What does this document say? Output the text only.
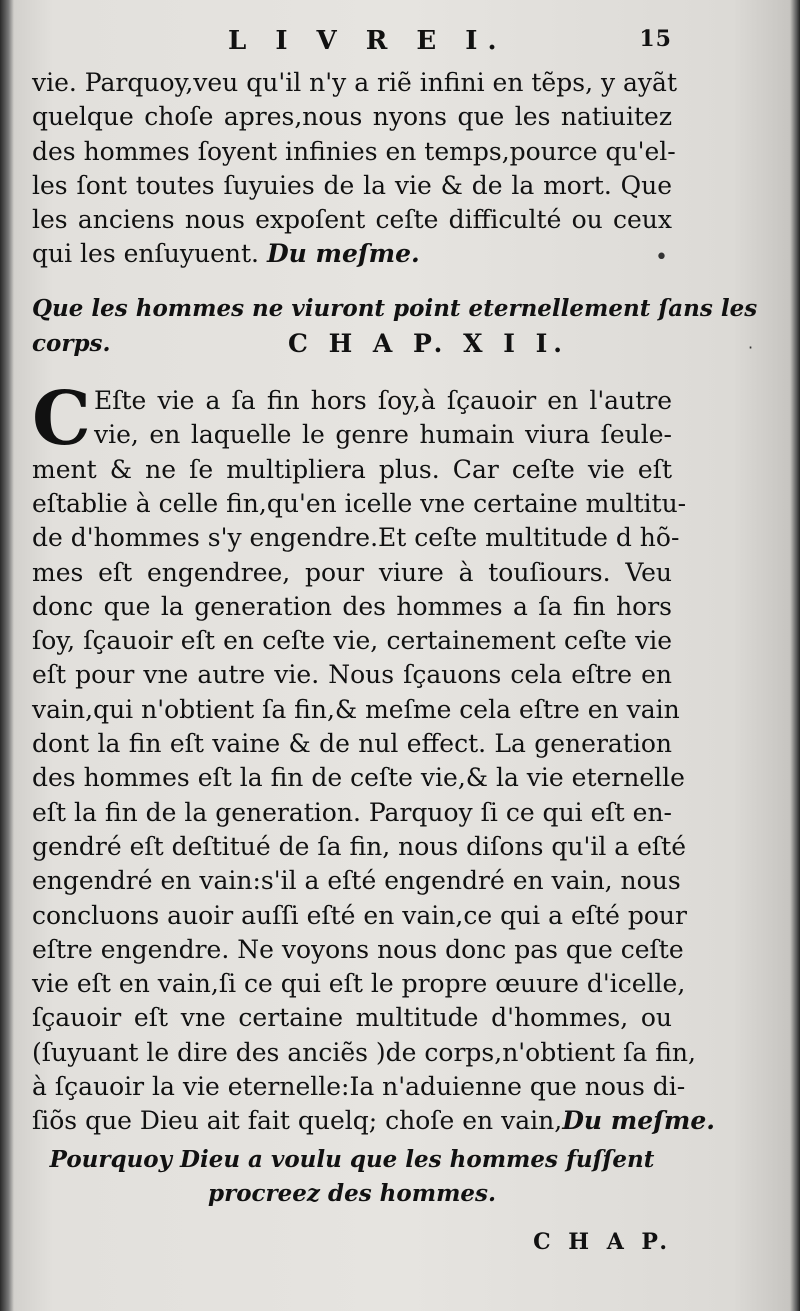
L I V R E I.	15
vie. Parquoy,veu qu'il n'y a riẽ infini en tẽps, y ayãt
quelque choſe apres,nous nyons que les natiuitez
des hommes ſoyent infinies en temps,pource qu'el-
les ſont toutes ſuyuies de la vie & de la mort. Que
les anciens nous expoſent ceſte difficulté ou ceux
qui les enſuyuent. Du meſme.
Que les hommes ne viuront point eternellement ſans les
corps.	C H A P. X I I.
C Eſte vie a ſa fin hors ſoy,à ſçauoir en l'autre
vie, en laquelle le genre humain viura ſeule-
ment & ne ſe multipliera plus. Car ceſte vie eſt
eſtablie à celle fin,qu'en icelle vne certaine multitu-
de d'hommes s'y engendre.Et ceſte multitude d hõ-
mes eſt engendree, pour viure à touſiours. Veu
donc que la generation des hommes a ſa fin hors
ſoy, ſçauoir eſt en ceſte vie, certainement ceſte vie
eſt pour vne autre vie. Nous ſçauons cela eſtre en
vain,qui n'obtient ſa fin,& meſme cela eſtre en vain
dont la fin eſt vaine & de nul effect. La generation
des hommes eſt la fin de ceſte vie,& la vie eternelle
eſt la fin de la generation. Parquoy ſi ce qui eſt en-
gendré eſt deſtitué de ſa fin, nous diſons qu'il a eſté
engendré en vain:s'il a eſté engendré en vain, nous
concluons auoir auſſi eſté en vain,ce qui a eſté pour
eſtre engendre. Ne voyons nous donc pas que ceſte
vie eſt en vain,ſi ce qui eſt le propre œuure d'icelle,
ſçauoir eſt vne certaine multitude d'hommes, ou
(ſuyuant le dire des anciẽs )de corps,n'obtient ſa fin,
à ſçauoir la vie eternelle:Ia n'aduienne que nous di-
ſiõs que Dieu ait fait quelq; choſe en vain,Du meſme.
Pourquoy Dieu a voulu que les hommes fuſſent
procreez des hommes.
C H A P.
·
•
